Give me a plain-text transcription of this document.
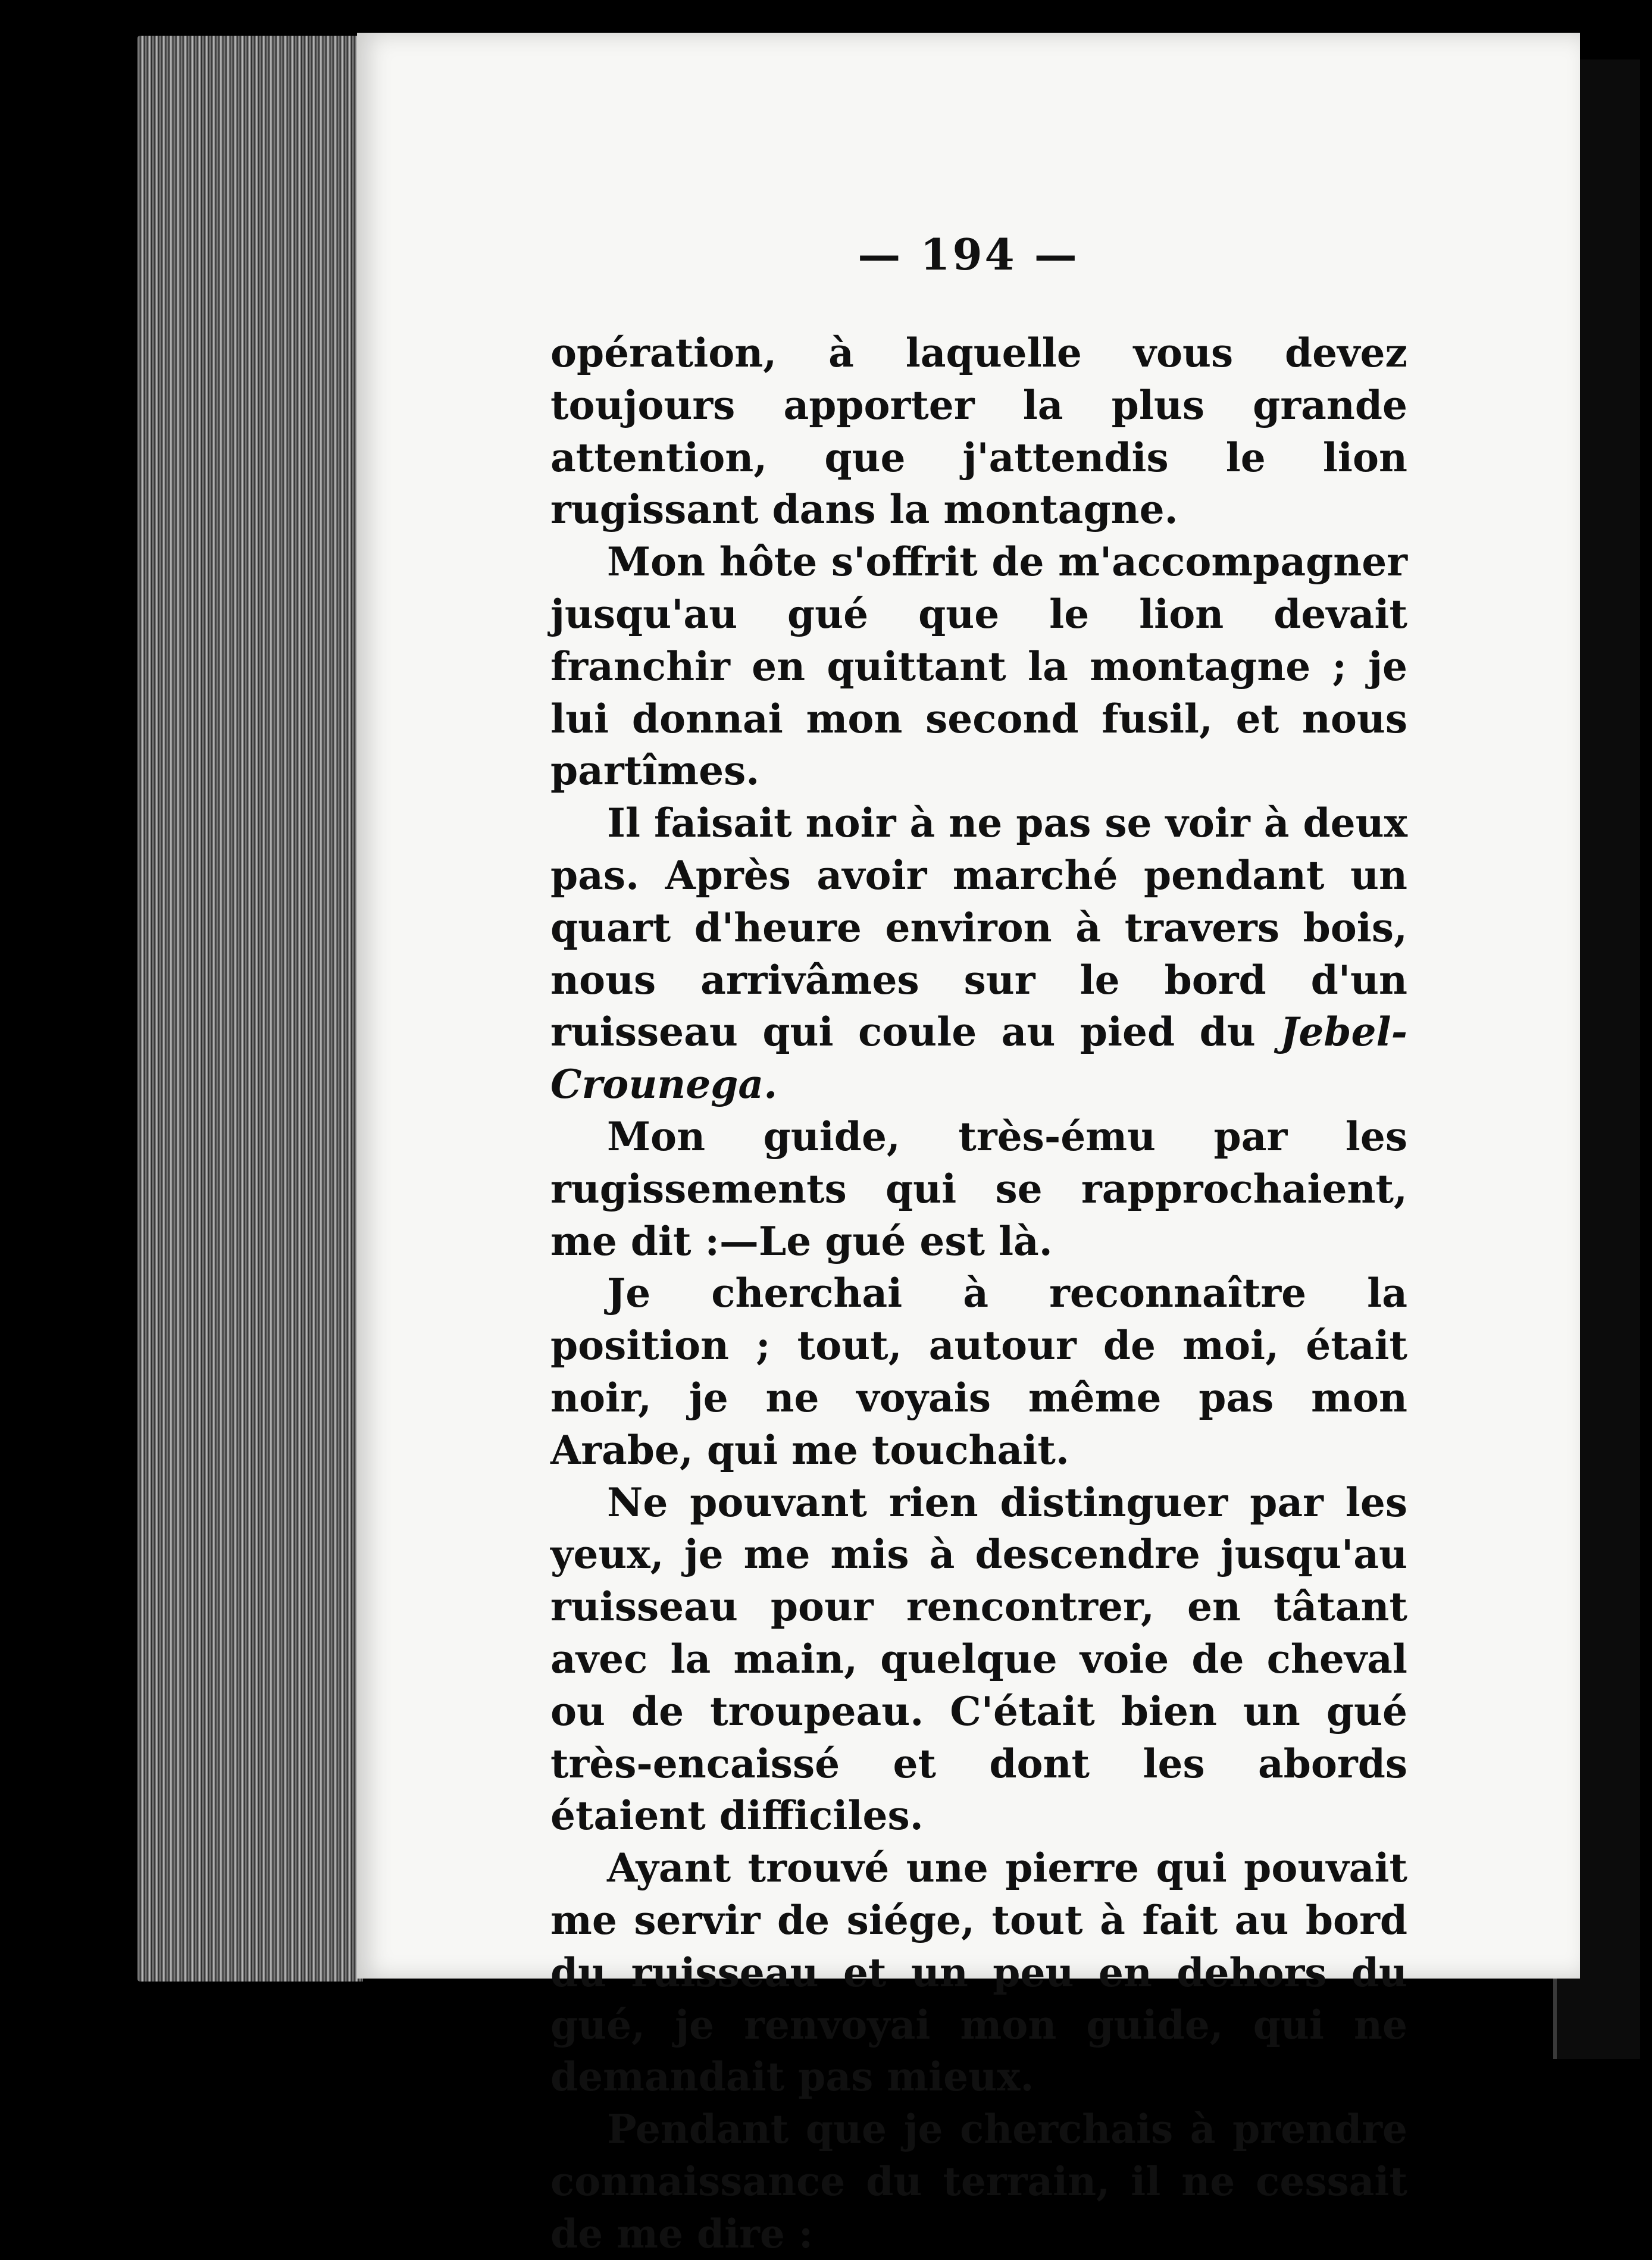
— 194 —

opération, à laquelle vous devez toujours apporter la plus grande attention, que j'attendis le lion rugissant dans la montagne.

Mon hôte s'offrit de m'accompagner jusqu'au gué que le lion devait franchir en quittant la montagne ; je lui donnai mon second fusil, et nous partîmes.

Il faisait noir à ne pas se voir à deux pas. Après avoir marché pendant un quart d'heure environ à travers bois, nous arrivâmes sur le bord d'un ruisseau qui coule au pied du Jebel-Crounega.

Mon guide, très-ému par les rugissements qui se rapprochaient, me dit :—Le gué est là.

Je cherchai à reconnaître la position ; tout, autour de moi, était noir, je ne voyais même pas mon Arabe, qui me touchait.

Ne pouvant rien distinguer par les yeux, je me mis à descendre jusqu'au ruisseau pour rencontrer, en tâtant avec la main, quelque voie de cheval ou de troupeau. C'était bien un gué très-encaissé et dont les abords étaient difficiles.

Ayant trouvé une pierre qui pouvait me servir de siége, tout à fait au bord du ruisseau et un peu en dehors du gué, je renvoyai mon guide, qui ne demandait pas mieux.

Pendant que je cherchais à prendre connaissance du terrain, il ne cessait de me dire :
